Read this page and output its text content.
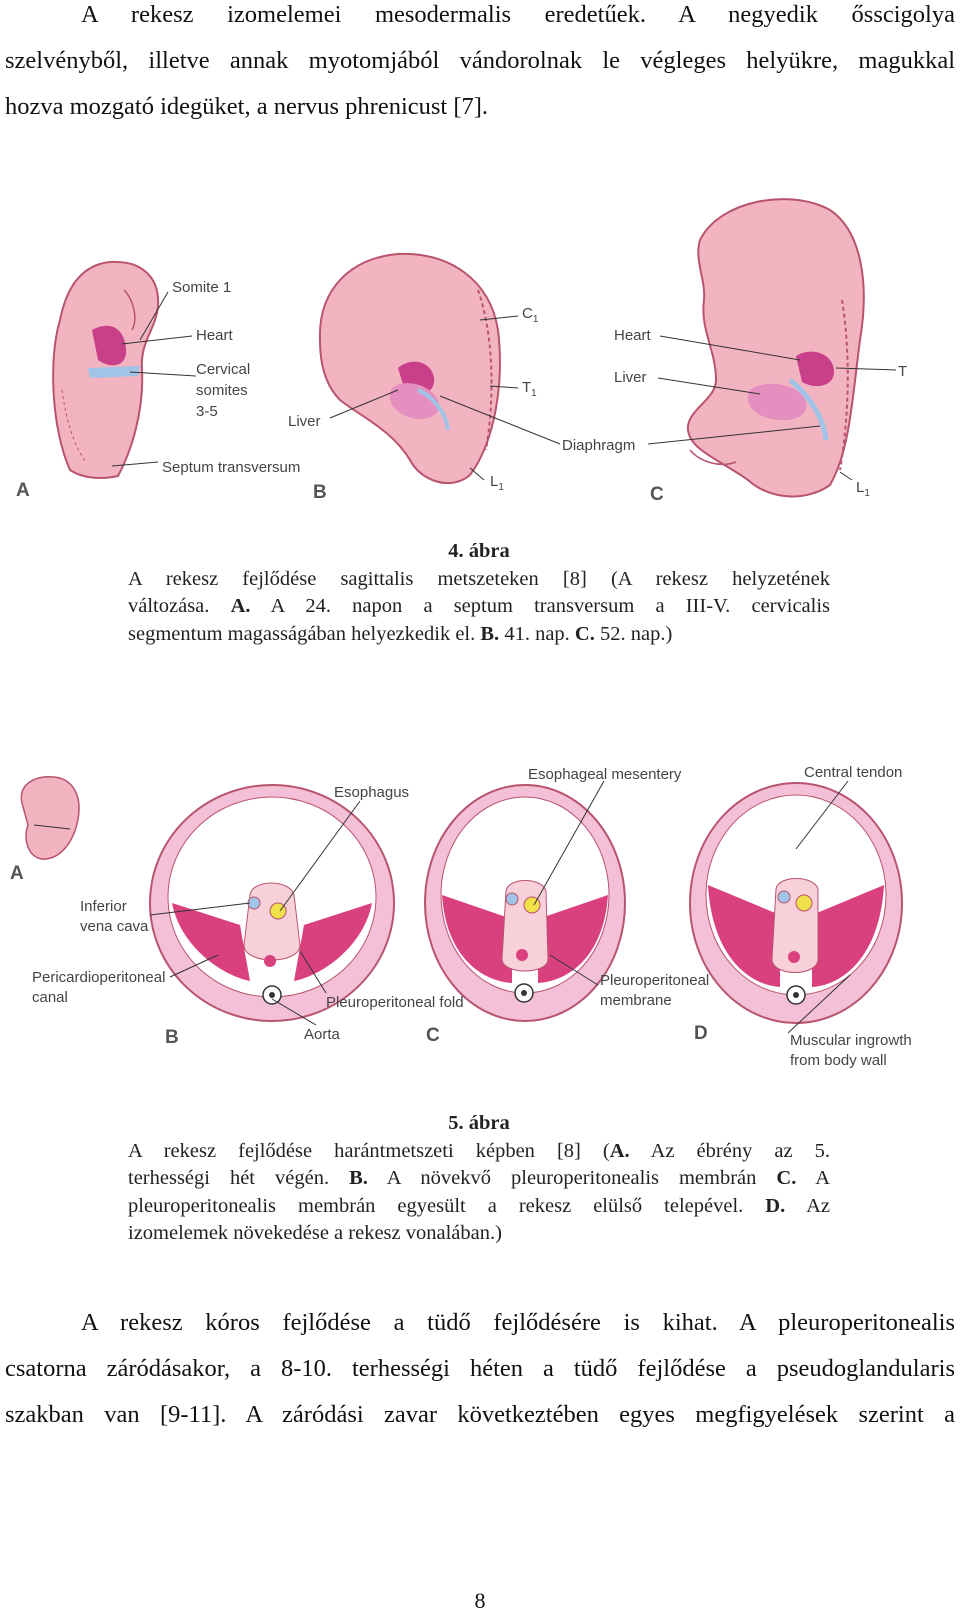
A rekesz izomelemei mesodermalis eredetűek. A negyedik ősscigolya
szelvényből, illetve annak myotomjából vándorolnak le végleges helyükre, magukkal
hozva mozgató idegüket, a nervus phrenicust [7].
Somite 1
Heart
Cervical
somites
3-5
Septum transversum
Liver
$C_1$
$T_1$
$L_1$
Diaphragm
Heart
Liver	T
$L_1$
A	B	C
4. ábra
A rekesz fejlődése sagittalis metszeteken [8] (A rekesz helyzetének
változása. A. A 24. napon a septum transversum a III-V. cervicalis
segmentum magasságában helyezkedik el. B. 41. nap. C. 52. nap.)
Esophagus
Esophageal mesentery	Central tendon
Inferior
vena cava
Pericardioperitoneal
canal	Pleuroperitoneal fold
Aorta
Pleuroperitoneal
membrane
Muscular ingrowth
from body wall
A
B	C	D
5. ábra
A rekesz fejlődése harántmetszeti képben [8] (A. Az ébrény az 5.
terhességi hét végén. B. A növekvő pleuroperitonealis membrán C. A
pleuroperitonealis membrán egyesült a rekesz elülső telepével. D. Az
izomelemek növekedése a rekesz vonalában.)
A rekesz kóros fejlődése a tüdő fejlődésére is kihat. A pleuroperitonealis
csatorna záródásakor, a 8-10. terhességi héten a tüdő fejlődése a pseudoglandularis
szakban van [9-11]. A záródási zavar következtében egyes megfigyelések szerint a
8
